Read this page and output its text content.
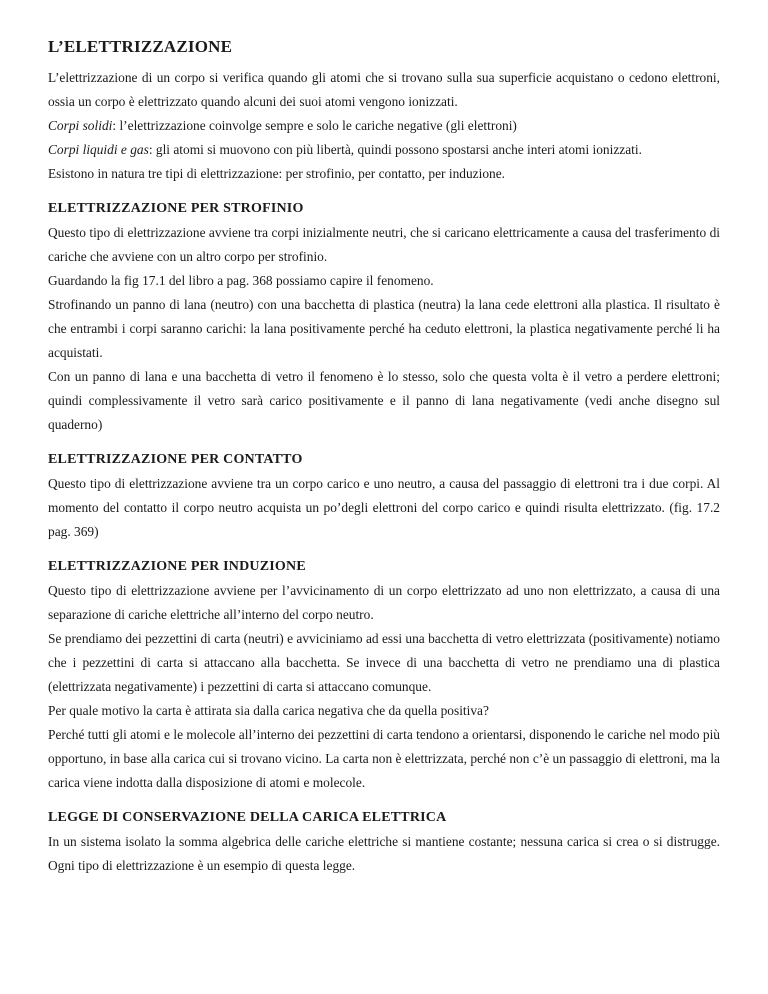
L’ELETTRIZZAZIONE

L’elettrizzazione di un corpo si verifica quando gli atomi che si trovano sulla sua superficie acquistano o cedono elettroni, ossia un corpo è elettrizzato quando alcuni dei suoi atomi vengono ionizzati.

Corpi solidi: l’elettrizzazione coinvolge sempre e solo le cariche negative (gli elettroni)

Corpi liquidi e gas: gli atomi si muovono con più libertà, quindi possono spostarsi anche interi atomi ionizzati.

Esistono in natura tre tipi di elettrizzazione: per strofinio, per contatto, per induzione.

ELETTRIZZAZIONE PER STROFINIO

Questo tipo di elettrizzazione avviene tra corpi inizialmente neutri, che si caricano elettricamente a causa del trasferimento di cariche che avviene con un altro corpo per strofinio.

Guardando la fig 17.1 del libro a pag. 368 possiamo capire il fenomeno.

Strofinando un panno di lana (neutro) con una bacchetta di plastica (neutra) la lana cede elettroni alla plastica. Il risultato è che entrambi i corpi saranno carichi: la lana positivamente perché ha ceduto elettroni, la plastica negativamente perché li ha acquistati.

Con un panno di lana e una bacchetta di vetro il fenomeno è lo stesso, solo che questa volta è il vetro a perdere elettroni; quindi complessivamente il vetro sarà carico positivamente e il panno di lana negativamente (vedi anche disegno sul quaderno)

ELETTRIZZAZIONE PER CONTATTO

Questo tipo di elettrizzazione avviene tra un corpo carico e uno neutro, a causa del passaggio di elettroni tra i due corpi. Al momento del contatto il corpo neutro acquista un po’degli elettroni del corpo carico e quindi risulta elettrizzato. (fig. 17.2 pag. 369)

ELETTRIZZAZIONE PER INDUZIONE

Questo tipo di elettrizzazione avviene per l’avvicinamento di un corpo elettrizzato ad uno non elettrizzato, a causa di una separazione di cariche elettriche all’interno del corpo neutro.

Se prendiamo dei pezzettini di carta (neutri) e avviciniamo ad essi una bacchetta di vetro elettrizzata (positivamente) notiamo che i pezzettini di carta si attaccano alla bacchetta. Se invece di una bacchetta di vetro ne prendiamo una di plastica (elettrizzata negativamente) i pezzettini di carta si attaccano comunque.

Per quale motivo la carta è attirata sia dalla carica negativa che da quella positiva?

Perché tutti gli atomi e le molecole all’interno dei pezzettini di carta tendono a orientarsi, disponendo le cariche nel modo più opportuno, in base alla carica cui si trovano vicino. La carta non è elettrizzata, perché non c’è un passaggio di elettroni, ma la carica viene indotta dalla disposizione di atomi e molecole.

LEGGE DI CONSERVAZIONE DELLA CARICA ELETTRICA

In un sistema isolato la somma algebrica delle cariche elettriche si mantiene costante; nessuna carica si crea o si distrugge. Ogni tipo di elettrizzazione è un esempio di questa legge.
